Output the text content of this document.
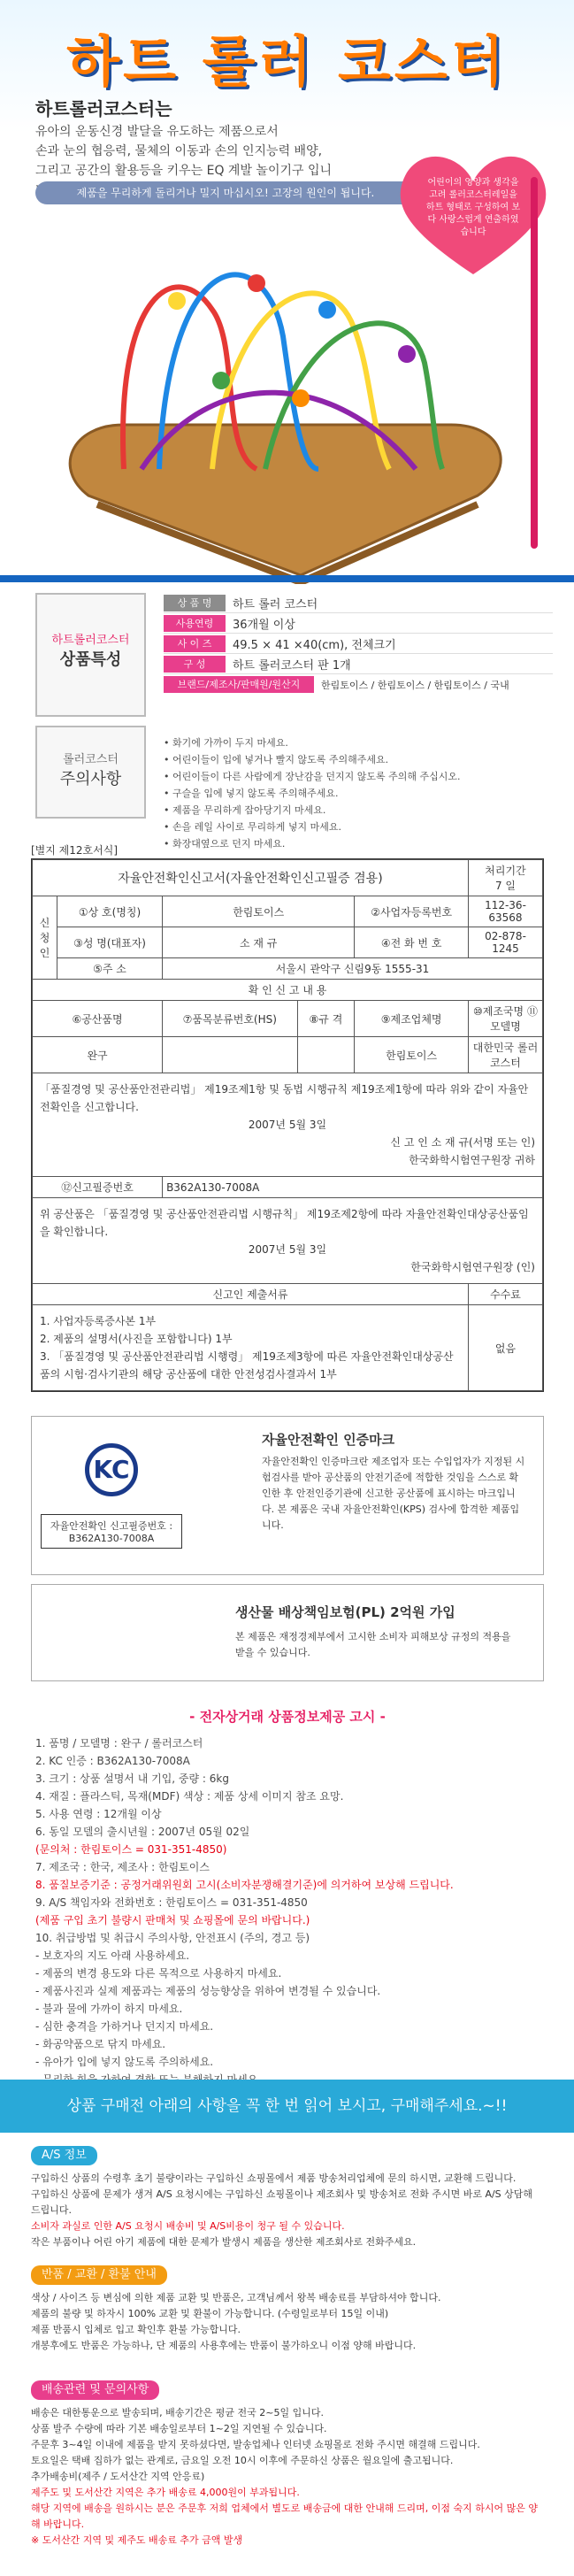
하트 롤러 코스터
하트롤러코스터는
유아의 운동신경 발달을 유도하는 제품으로서
손과 눈의 협응력, 물체의 이동과 손의 인지능력 배양,
그리고 공간의 활용등을 키우는 EQ 계발 놀이기구 입니
제품을 무리하게 돌리거나 밀지 마십시오! 고장의 원인이 됩니다.
어린이의 영양과 생각을 고려 롤러코스터레일을 하트 형태로 구성하여 보다 사랑스럽게 연출하였습니다
하트롤러코스터
상품특성
롤러코스터
주의사항
상 품 명	하트 롤러 코스터
사용연령	36개월 이상
사 이 즈	49.5 × 41 ×40(cm), 전체크기
구 성	하트 롤러코스터 판 1개
브랜드/제조사/판매원/원산지	한림토이스 / 한림토이스 / 한림토이스 / 국내
• 화기에 가까이 두지 마세요.
• 어린이들이 입에 넣거나 빨지 않도록 주의해주세요.
• 어린이들이 다른 사람에게 장난감을 던지지 않도록 주의해 주십시오.
• 구슬을 입에 넣지 않도록 주의해주세요.
• 제품을 무리하게 잡아당기지 마세요.
• 손을 레일 사이로 무리하게 넣지 마세요.
• 화장대옆으로 던지 마세요.
[별지 제12호서식]
자율안전확인신고서(자율안전확인신고필증 겸용)					처리기간
7 일

신청인	①상 호(명칭)	한림토이스		②사업자등록번호	112-36-63568
	③성 명(대표자)	소 재 규		④전 화 번 호	02-878-1245
	⑤주 소	서울시 관악구 신림9동 1555-31			
확 인 신 고 내 용					
⑥공산품명		⑦품목분류번호(HS)	⑧규 격	⑨제조업체명	⑩제조국명 ⑪모델명
완구				한림토이스	대한민국 롤러코스터

「품질경영 및 공산품안전관리법」 제19조제1항 및 동법 시행규칙 제19조제1항에 따라 위와 같이 자율안전확인을 신고합니다.
2007년 5월 3일
신 고 인 소 재 규(서명 또는 인)
한국화학시험연구원장 귀하					

⑫신고필증번호		B362A130-7008A			

위 공산품은 「품질경영 및 공산품안전관리법 시행규칙」 제19조제2항에 따라 자율안전확인대상공산품임을 확인합니다.
2007년 5월 3일
한국화학시험연구원장 (인)					

신고인 제출서류					수수료

1. 사업자등록증사본 1부
2. 제품의 설명서(사진을 포함합니다) 1부
3. 「품질경영 및 공산품안전관리법 시행령」 제19조제3항에 따른 자율안전확인대상공산품의 시험·검사기관의 해당 공산품에 대한 안전성검사결과서 1부					없음
KC
자율안전확인 신고필증번호 :
B362A130-7008A
자율안전확인 인증마크
자율안전확인 인증마크란 제조업자 또는 수입업자가 지정된 시험검사를 받아 공산품의 안전기준에 적합한 것임을 스스로 확인한 후 안전인증기관에 신고한 공산품에 표시하는 마크입니다. 본 제품은 국내 자율안전확인(KPS) 검사에 합격한 제품입니다.
생산물 배상책임보험(PL) 2억원 가입
본 제품은 재정경제부에서 고시한 소비자 피해보상 규정의 적용을 받을 수 있습니다.
- 전자상거래 상품정보제공 고시 -
1. 품명 / 모델명 : 완구 / 롤러코스터
2. KC 인증 : B362A130-7008A
3. 크기 : 상품 설명서 내 기입, 중량 : 6kg
4. 재질 : 플라스틱, 목재(MDF) 색상 : 제품 상세 이미지 참조 요망.
5. 사용 연령 : 12개월 이상
6. 동일 모델의 출시년월 : 2007년 05월 02일
(문의처 : 한림토이스 = 031-351-4850)
7. 제조국 : 한국, 제조사 : 한림토이스
8. 품질보증기준 : 공정거래위원회 고시(소비자분쟁해결기준)에 의거하여 보상해 드립니다.
9. A/S 책임자와 전화번호 : 한림토이스 = 031-351-4850
(제품 구입 초기 불량시 판매처 및 쇼핑몰에 문의 바랍니다.)
10. 취급방법 및 취급시 주의사항, 안전표시 (주의, 경고 등)
- 보호자의 지도 아래 사용하세요.
- 제품의 변경 용도와 다른 목적으로 사용하지 마세요.
- 제품사진과 실제 제품과는 제품의 성능향상을 위하여 변경될 수 있습니다.
- 불과 물에 가까이 하지 마세요.
- 심한 충격을 가하거나 던지지 마세요.
- 화공약품으로 닦지 마세요.
- 유아가 입에 넣지 않도록 주의하세요.
상품 구매전 아래의 사항을 꼭 한 번 읽어 보시고, 구매해주세요.~!!
A/S 정보
구입하신 상품의 수령후 초기 불량이라는 구입하신 쇼핑몰에서 제품 방송처리업체에 문의 하시면, 교환해 드립니다.
구입하신 상품에 문제가 생겨 A/S 요청시에는 구입하신 쇼핑몰이나 제조회사 및 방송처로 전화 주시면 바로 A/S 상담해 드립니다.
소비자 과실로 인한 A/S 요청시 배송비 및 A/S비용이 청구 될 수 있습니다.
작은 부품이나 어린 아기 제품에 대한 문제가 발생시 제품을 생산한 제조회사로 전화주세요.
반품 / 교환 / 환불 안내
색상 / 사이즈 등 변심에 의한 제품 교환 및 반품은, 고객님께서 왕복 배송료를 부담하셔야 합니다.
제품의 불량 및 하자시 100% 교환 및 환불이 가능합니다. (수령일로부터 15일 이내)
제품 반품시 입체로 입고 확인후 환불 가능합니다.
개봉후에도 반품은 가능하나, 단 제품의 사용후에는 반품이 불가하오니 이점 양해 바랍니다.
배송관련 및 문의사항
배송은 대한통운으로 발송되며, 배송기간은 평균 전국 2~5일 입니다.
상품 발주 수량에 따라 기본 배송일로부터 1~2일 지연될 수 있습니다.
주문후 3~4일 이내에 제품을 받지 못하셨다면, 발송업체나 인터넷 쇼핑몰로 전화 주시면 해결해 드립니다.
토요일은 택배 집하가 없는 관계로, 금요일 오전 10시 이후에 주문하신 상품은 월요일에 출고됩니다.
추가배송비(제주 / 도서산간 지역 안응료)
제주도 및 도서산간 지역은 추가 배송료 4,000원이 부과됩니다.
해당 지역에 배송을 원하시는 분은 주문후 저희 업체에서 별도로 배송금에 대한 안내해 드리며, 이점 숙지 하시어 많은 양해 바랍니다.
※ 도서산간 지역 및 제주도 배송료 추가 금액 발생
